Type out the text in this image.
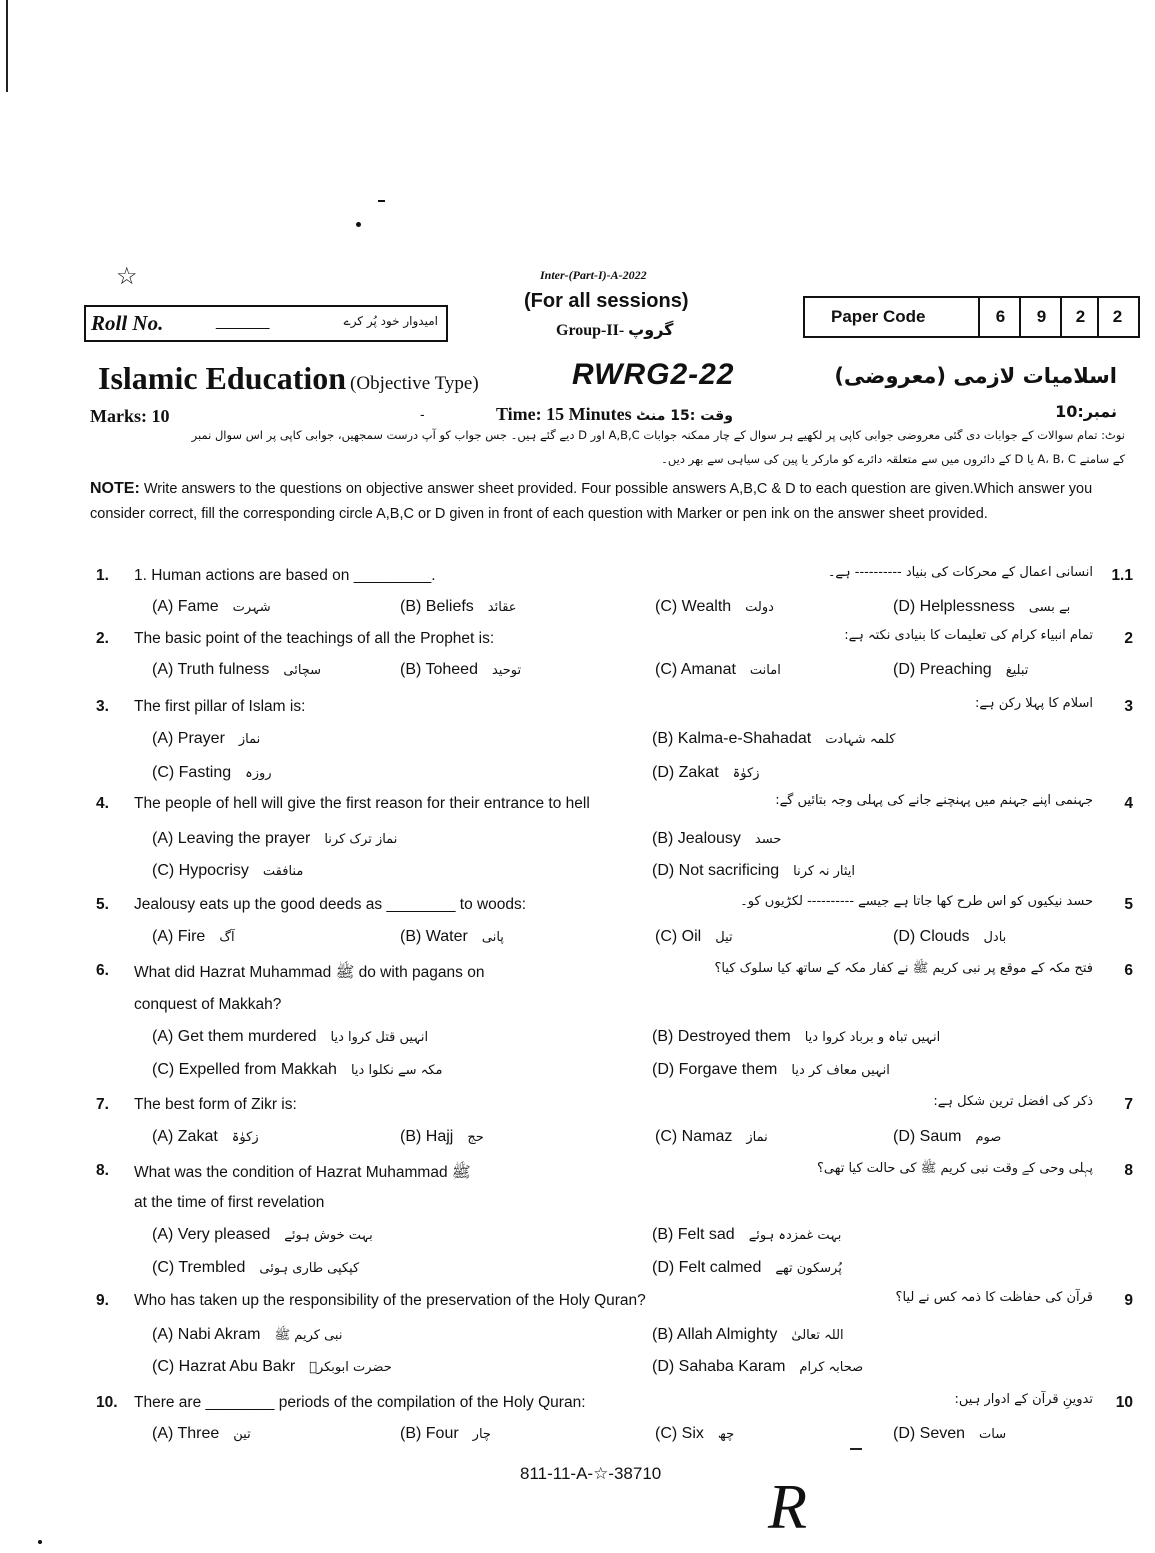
☆	Inter-(Part-I)-A-2022
(For all sessions)
Group-II- گروپ
Roll No.	______	امیدوار خود پُر کرے	Paper Code	6	9	2	2
Islamic Education (Objective Type)	RWRG2-22	اسلامیات لازمی (معروضی)
Marks: 10	-	Time: 15 Minutes وقت :15 منٹ	نمبر:10
نوٹ: تمام سوالات کے جوابات دی گئی معروضی جوابی کاپی پر لکھیے ہر سوال کے چار ممکنہ جوابات A,B,C اور D دیے گئے ہیں۔ جس جواب کو آپ درست سمجھیں، جوابی کاپی پر اس سوال نمبر
کے سامنے A، B، C یا D کے دائروں میں سے متعلقہ دائرے کو مارکر یا پین کی سیاہی سے بھر دیں۔
NOTE: Write answers to the questions on objective answer sheet provided. Four possible answers A,B,C & D to each question are given.Which answer you consider correct, fill the corresponding circle A,B,C or D given in front of each question with Marker or pen ink on the answer sheet provided.
1. 1. Human actions are based on _________.	انسانی اعمال کے محرکات کی بنیاد ---------- ہے۔ 1.1
(A) Fame شہرت	(B) Beliefs عقائد	(C) Wealth دولت	(D) Helplessness بے بسی
2. The basic point of the teachings of all the Prophet is:	تمام انبیاء کرام کی تعلیمات کا بنیادی نکتہ ہے: 2
(A) Truth fulness سچائی	(B) Toheed توحید	(C) Amanat امانت	(D) Preaching تبلیغ
3. The first pillar of Islam is:	اسلام کا پہلا رکن ہے: 3
(A) Prayer نماز	(B) Kalma-e-Shahadat کلمہ شہادت
(C) Fasting روزہ	(D) Zakat زکوٰۃ
4. The people of hell will give the first reason for their entrance to hell	جہنمی اپنے جہنم میں پہنچنے جانے کی پہلی وجہ بتائیں گے: 4
(A) Leaving the prayer نماز ترک کرنا	(B) Jealousy حسد
(C) Hypocrisy منافقت	(D) Not sacrificing ایثار نہ کرنا
5. Jealousy eats up the good deeds as ________ to woods:	حسد نیکیوں کو اس طرح کھا جاتا ہے جیسے ---------- لکڑیوں کو۔ 5
(A) Fire آگ	(B) Water پانی	(C) Oil تیل	(D) Clouds بادل
6. What did Hazrat Muhammad ﷺ do with pagans on
conquest of Makkah?
فتح مکہ کے موقع پر نبی کریم ﷺ نے کفار مکہ کے ساتھ کیا سلوک کیا؟ 6
(A) Get them murdered انہیں قتل کروا دیا	(B) Destroyed them انہیں تباہ و برباد کروا دیا
(C) Expelled from Makkah مکہ سے نکلوا دیا	(D) Forgave them انہیں معاف کر دیا
7. The best form of Zikr is:	ذکر کی افضل ترین شکل ہے: 7
(A) Zakat زکوٰۃ	(B) Hajj حج	(C) Namaz نماز	(D) Saum صوم
8. What was the condition of Hazrat Muhammad ﷺ
at the time of first revelation
پہلی وحی کے وقت نبی کریم ﷺ کی حالت کیا تھی؟ 8
(A) Very pleased بہت خوش ہوئے	(B) Felt sad بہت غمزدہ ہوئے
(C) Trembled کپکپی طاری ہوئی	(D) Felt calmed پُرسکون تھے
9. Who has taken up the responsibility of the preservation of the Holy Quran?	قرآن کی حفاظت کا ذمہ کس نے لیا؟ 9
(A) Nabi Akram نبی کریم ﷺ	(B) Allah Almighty اللہ تعالیٰ
(C) Hazrat Abu Bakr حضرت ابوبکرؓ	(D) Sahaba Karam صحابہ کرام
10. There are ________ periods of the compilation of the Holy Quran:	تدوینِ قرآن کے ادوار ہیں: 10
(A) Three تین	(B) Four چار	(C) Six چھ	(D) Seven سات
811-11-A-☆-38710 R
